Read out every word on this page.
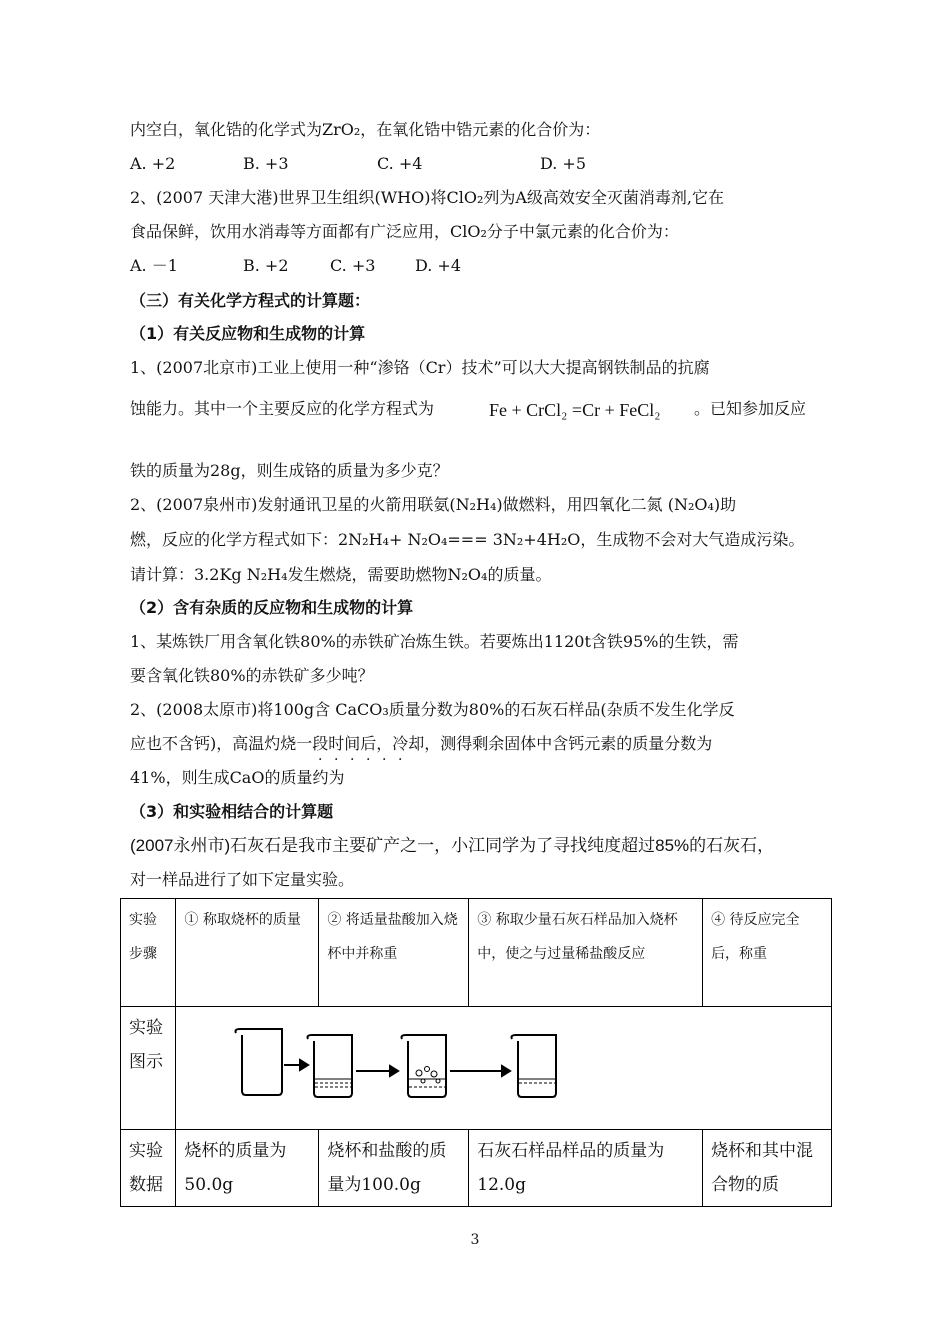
内空白，氧化锆的化学式为ZrO₂，在氧化锆中锆元素的化合价为：
A. +2	B. +3	C. +4	D. +5
2、(2007 天津大港)世界卫生组织(WHO)将ClO₂列为A级高效安全灭菌消毒剂,它在
食品保鲜，饮用水消毒等方面都有广泛应用，ClO₂分子中氯元素的化合价为：
A. －1	B. +2	C. +3 D. +4
（三）有关化学方程式的计算题：
（1）有关反应物和生成物的计算
1、(2007北京市)工业上使用一种“渗铬（Cr）技术”可以大大提高钢铁制品的抗腐
蚀能力。其中一个主要反应的化学方程式为	Fe + CrCl₂ =Cr + FeCl₂ 。已知参加反应
铁的质量为28g，则生成铬的质量为多少克？
2、(2007泉州市)发射通讯卫星的火箭用联氨(N₂H₄)做燃料，用四氧化二氮 (N₂O₄)助
燃，反应的化学方程式如下：2N₂H₄+ N₂O₄=== 3N₂+4H₂O，生成物不会对大气造成污染。
请计算：3.2Kg N₂H₄发生燃烧，需要助燃物N₂O₄的质量。
（2）含有杂质的反应物和生成物的计算
1、某炼铁厂用含氧化铁80%的赤铁矿冶炼生铁。若要炼出1120t含铁95%的生铁，需
要含氧化铁80%的赤铁矿多少吨？
2、(2008太原市)将100g含 CaCO₃质量分数为80%的石灰石样品(杂质不发生化学反
应也不含钙)，高温灼烧一段时间后，冷却，测得剩余固体中含钙元素的质量分数为
· · · · · ·
41%，则生成CaO的质量约为
（3）和实验相结合的计算题
(2007永州市)石灰石是我市主要矿产之一，小江同学为了寻找纯度超过85%的石灰石，
对一样品进行了如下定量实验。
实验步骤	① 称取烧杯的质量	② 将适量盐酸加入烧杯中并称重	③ 称取少量石灰石样品加入烧杯中，使之与过量稀盐酸反应	④ 待反应完全后，称重
实验图示	
实验数据	烧杯的质量为50.0g	烧杯和盐酸的质量为100.0g	石灰石样品样品的质量为12.0g	烧杯和其中混合物的质
3
